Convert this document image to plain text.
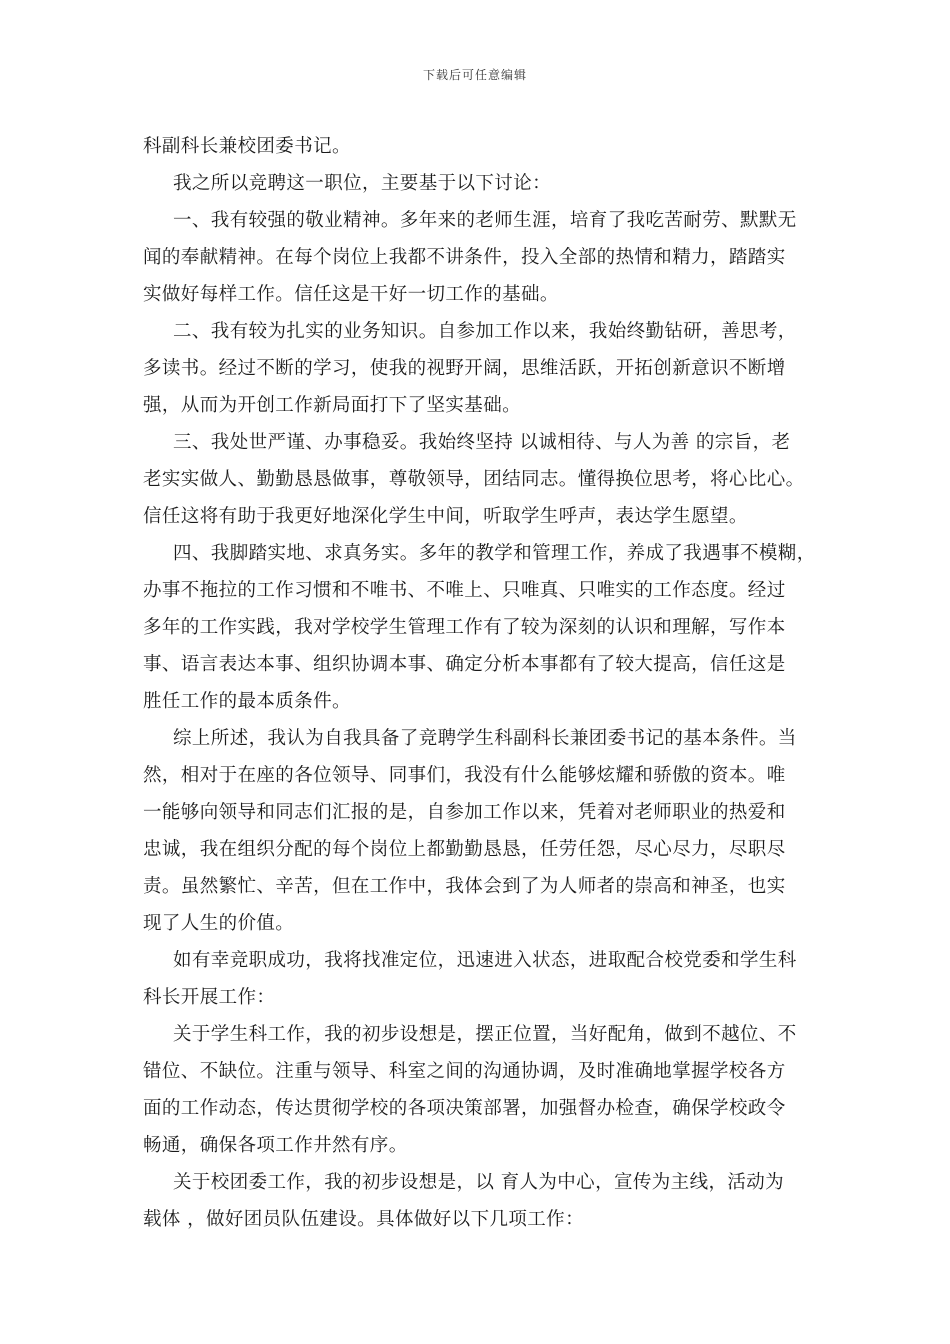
下载后可任意编辑
科副科长兼校团委书记。
我之所以竞聘这一职位，主要基于以下讨论：
一、我有较强的敬业精神。多年来的老师生涯，培育了我吃苦耐劳、默默无
闻的奉献精神。在每个岗位上我都不讲条件，投入全部的热情和精力，踏踏实
实做好每样工作。信任这是干好一切工作的基础。
二、我有较为扎实的业务知识。自参加工作以来，我始终勤钻研，善思考，
多读书。经过不断的学习，使我的视野开阔，思维活跃，开拓创新意识不断增
强，从而为开创工作新局面打下了坚实基础。
三、我处世严谨、办事稳妥。我始终坚持 以诚相待、与人为善 的宗旨，老
老实实做人、勤勤恳恳做事，尊敬领导，团结同志。懂得换位思考，将心比心。
信任这将有助于我更好地深化学生中间，听取学生呼声，表达学生愿望。
四、我脚踏实地、求真务实。多年的教学和管理工作，养成了我遇事不模糊，
办事不拖拉的工作习惯和不唯书、不唯上、只唯真、只唯实的工作态度。经过
多年的工作实践，我对学校学生管理工作有了较为深刻的认识和理解，写作本
事、语言表达本事、组织协调本事、确定分析本事都有了较大提高，信任这是
胜任工作的最本质条件。
综上所述，我认为自我具备了竞聘学生科副科长兼团委书记的基本条件。当
然，相对于在座的各位领导、同事们，我没有什么能够炫耀和骄傲的资本。唯
一能够向领导和同志们汇报的是，自参加工作以来，凭着对老师职业的热爱和
忠诚，我在组织分配的每个岗位上都勤勤恳恳，任劳任怨，尽心尽力，尽职尽
责。虽然繁忙、辛苦，但在工作中，我体会到了为人师者的崇高和神圣，也实
现了人生的价值。
如有幸竞职成功，我将找准定位，迅速进入状态，进取配合校党委和学生科
科长开展工作：
关于学生科工作，我的初步设想是，摆正位置，当好配角，做到不越位、不
错位、不缺位。注重与领导、科室之间的沟通协调，及时准确地掌握学校各方
面的工作动态，传达贯彻学校的各项决策部署，加强督办检查，确保学校政令
畅通，确保各项工作井然有序。
关于校团委工作，我的初步设想是，以 育人为中心，宣传为主线，活动为
载体 ，做好团员队伍建设。具体做好以下几项工作：
